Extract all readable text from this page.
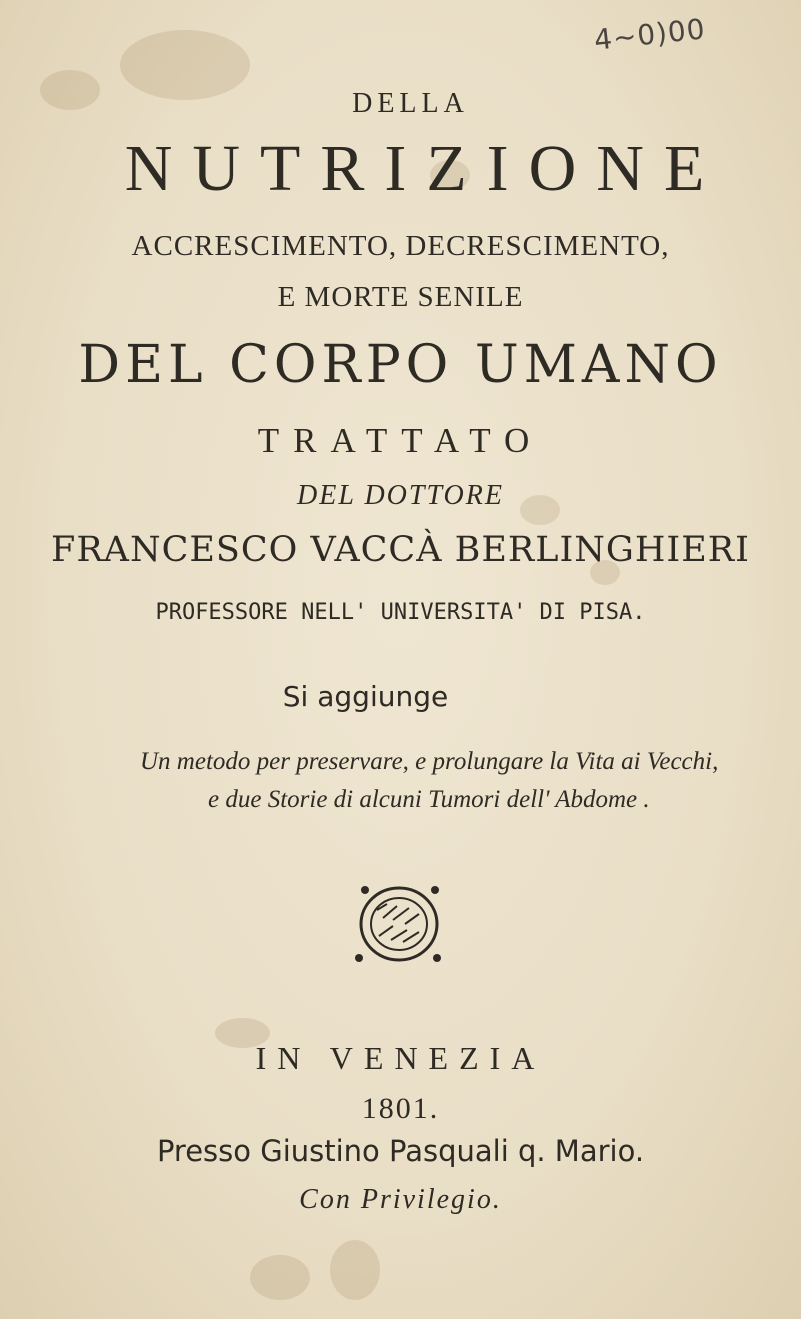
4~0)00
DELLA
NUTRIZIONE
ACCRESCIMENTO, DECRESCIMENTO,
E MORTE SENILE
DEL CORPO UMANO
TRATTATO
DEL DOTTORE
FRANCESCO VACCÀ BERLINGHIERI
PROFESSORE NELL' UNIVERSITA' DI PISA.
Si aggiunge
Un metodo per preservare, e prolungare la Vita ai Vecchi,
e due Storie di alcuni Tumori dell' Abdome .
IN VENEZIA
1801.
Presso Giustino Pasquali q. Mario.
Con Privilegio.
